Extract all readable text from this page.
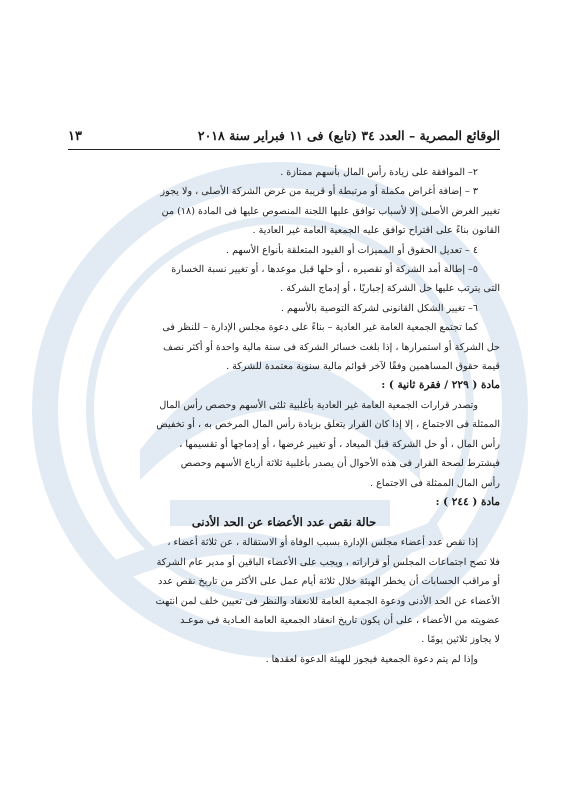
الوقائع المصرية – العدد ٣٤ (تابع) فى ١١ فبراير سنة ٢٠١٨
١٣

٢– الموافقة على زيادة رأس المال بأسهم ممتازة .

٣ – إضافة أغراض مكملة أو مرتبطة أو قريبة من غرض الشركة الأصلى ، ولا يجوز

تغيير الغرض الأصلى إلا لأسباب توافق عليها اللجنة المنصوص عليها فى المادة (١٨) من

القانون بناءً على اقتراح توافق عليه الجمعية العامة غير العادية .

٤ – تعديل الحقوق أو المميزات أو القيود المتعلقة بأنواع الأسهم .

٥– إطالة أمد الشركة أو تقصيره ، أو حلها قبل موعدها ، أو تغيير نسبة الخسارة

التى يترتب عليها حل الشركة إجباريًا ، أو إدماج الشركة .

٦– تغيير الشكل القانونى لشركة التوصية بالأسهم .

كما تجتمع الجمعية العامة غير العادية – بناءً على دعوة مجلس الإدارة – للنظر فى

حل الشركة أو استمرارها ، إذا بلغت خسائر الشركة فى سنة مالية واحدة أو أكثر نصف

قيمة حقوق المساهمين وفقًا لآخر قوائم مالية سنوية معتمدة للشركة .

مادة ( ٢٢٩ / فقرة ثانية ) :

وتصدر قرارات الجمعية العامة غير العادية بأغلبية ثلثى الأسهم وحصص رأس المال

الممثلة فى الاجتماع ، إلا إذا كان القرار يتعلق بزيادة رأس المال المرخص به ، أو تخفيض

رأس المال ، أو حل الشركة قبل الميعاد ، أو تغيير غرضها ، أو إدماجها أو تقسيمها ،

فيشترط لصحة القرار فى هذه الأحوال أن يصدر بأغلبية ثلاثة أرباع الأسهم وحصص

رأس المال الممثلة فى الاجتماع .

مادة ( ٢٤٤ ) :

حالة نقص عدد الأعضاء عن الحد الأدنى

إذا نقص عدد أعضاء مجلس الإدارة بسبب الوفاة أو الاستقالة ، عن ثلاثة أعضاء ،

فلا تصح اجتماعات المجلس أو قراراته ، ويجب على الأعضاء الباقين أو مدير عام الشركة

أو مراقب الحسابات أن يخطر الهيئة خلال ثلاثة أيام عمل على الأكثر من تاريخ نقص عدد

الأعضاء عن الحد الأدنى ودعوة الجمعية العامة للانعقاد والنظر فى تعيين خلف لمن انتهت

عضويته من الأعضاء ، على أن يكون تاريخ انعقاد الجمعية العامة العـادية فى موعـد

لا يجاوز ثلاثين يومًا .

وإذا لم يتم دعوة الجمعية فيجوز للهيئة الدعوة لعقدها .
